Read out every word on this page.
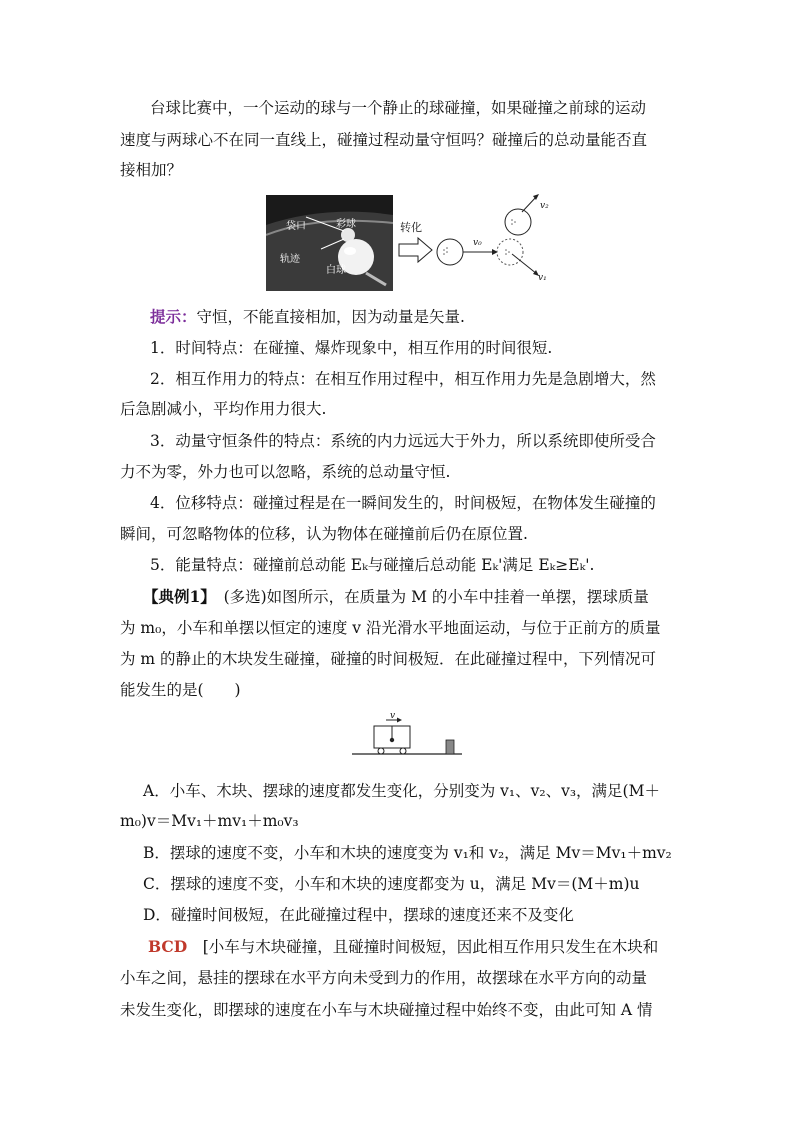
台球比赛中，一个运动的球与一个静止的球碰撞，如果碰撞之前球的运动
速度与两球心不在同一直线上，碰撞过程动量守恒吗？碰撞后的总动量能否直
接相加？
袋口	彩球
轨迹
白球
转化
v₀
v₂
v₁
提示：守恒，不能直接相加，因为动量是矢量.
1．时间特点：在碰撞、爆炸现象中，相互作用的时间很短.
2．相互作用力的特点：在相互作用过程中，相互作用力先是急剧增大，然
后急剧减小，平均作用力很大.
3．动量守恒条件的特点：系统的内力远远大于外力，所以系统即使所受合
力不为零，外力也可以忽略，系统的总动量守恒.
4．位移特点：碰撞过程是在一瞬间发生的，时间极短，在物体发生碰撞的
瞬间，可忽略物体的位移，认为物体在碰撞前后仍在原位置.
5．能量特点：碰撞前总动能 Eₖ与碰撞后总动能 Eₖ'满足 Eₖ≥Eₖ'.
【典例1】　 (多选)如图所示，在质量为 M 的小车中挂着一单摆，摆球质量
为 m₀，小车和单摆以恒定的速度 v 沿光滑水平地面运动，与位于正前方的质量
为 m 的静止的木块发生碰撞，碰撞的时间极短．在此碰撞过程中，下列情况可
能发生的是(　　)
v
A．小车、木块、摆球的速度都发生变化，分别变为 v₁、v₂、v₃，满足(M＋
m₀)v＝Mv₁＋mv₁＋m₀v₃
B．摆球的速度不变，小车和木块的速度变为 v₁和 v₂，满足 Mv＝Mv₁＋mv₂
C．摆球的速度不变，小车和木块的速度都变为 u，满足 Mv＝(M＋m)u
D．碰撞时间极短，在此碰撞过程中，摆球的速度还来不及变化
BCD　 [小车与木块碰撞，且碰撞时间极短，因此相互作用只发生在木块和
小车之间，悬挂的摆球在水平方向未受到力的作用，故摆球在水平方向的动量
未发生变化，即摆球的速度在小车与木块碰撞过程中始终不变，由此可知 A 情
